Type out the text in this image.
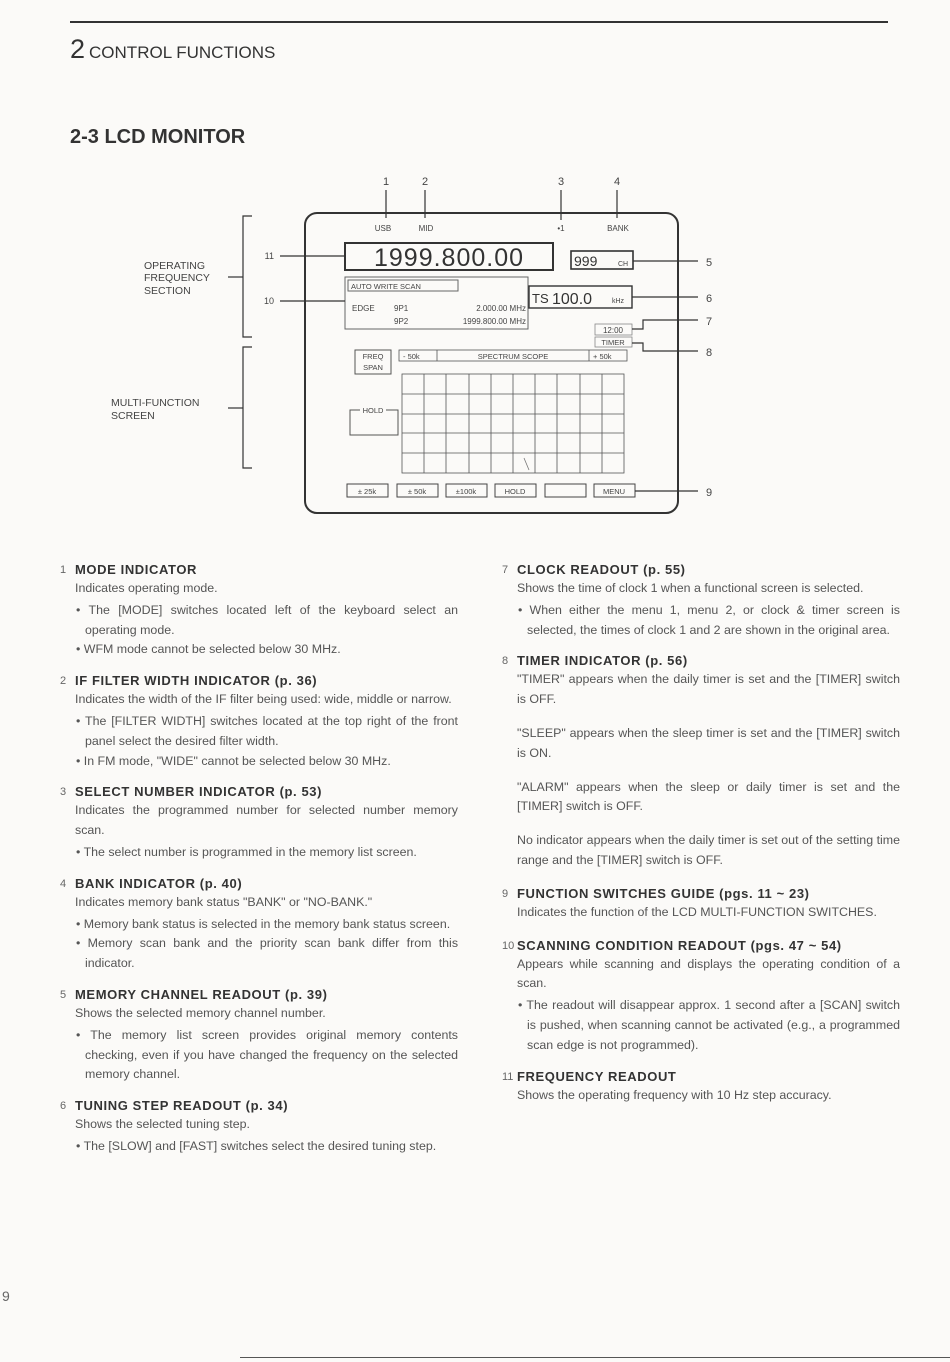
2 CONTROL FUNCTIONS
2-3 LCD MONITOR
1	2	3	4
USB	MID	•1	BANK
1999.800.00	999	CH
AUTO WRITE SCAN
EDGE 9P1	2.000.00 MHz
9P2	1999.800.00 MHz
TS 100.0	kHz
12:00
TIMER
FREQ
SPAN
- 50k	SPECTRUM SCOPE	+ 50k
HOLD
± 25k	± 50k	±100k	HOLD	MENU
5
6
7
8
9
10
11
OPERATING
FREQUENCY
SECTION
MULTI-FUNCTION
SCREEN
1 MODE INDICATOR

Indicates operating mode.

• The [MODE] switches located left of the keyboard select an operating mode.
• WFM mode cannot be selected below 30 MHz.
2 IF FILTER WIDTH INDICATOR (p. 36)

Indicates the width of the IF filter being used: wide, middle or narrow.

• The [FILTER WIDTH] switches located at the top right of the front panel select the desired filter width.
• In FM mode, "WIDE" cannot be selected below 30 MHz.
3 SELECT NUMBER INDICATOR (p. 53)

Indicates the programmed number for selected number memory scan.

• The select number is programmed in the memory list screen.
4 BANK INDICATOR (p. 40)

Indicates memory bank status "BANK" or "NO-BANK."

• Memory bank status is selected in the memory bank status screen.
• Memory scan bank and the priority scan bank differ from this indicator.
5 MEMORY CHANNEL READOUT (p. 39)

Shows the selected memory channel number.

• The memory list screen provides original memory contents checking, even if you have changed the frequency on the selected memory channel.
6 TUNING STEP READOUT (p. 34)

Shows the selected tuning step.

• The [SLOW] and [FAST] switches select the desired tuning step.
7 CLOCK READOUT (p. 55)

Shows the time of clock 1 when a functional screen is selected.

• When either the menu 1, menu 2, or clock & timer screen is selected, the times of clock 1 and 2 are shown in the original area.
8 TIMER INDICATOR (p. 56)

"TIMER" appears when the daily timer is set and the [TIMER] switch is OFF.

"SLEEP" appears when the sleep timer is set and the [TIMER] switch is ON.

"ALARM" appears when the sleep or daily timer is set and the [TIMER] switch is OFF.

No indicator appears when the daily timer is set out of the setting time range and the [TIMER] switch is OFF.

9 FUNCTION SWITCHES GUIDE (pgs. 11 ~ 23)

Indicates the function of the LCD MULTI-FUNCTION SWITCHES.

10 SCANNING CONDITION READOUT (pgs. 47 ~ 54)

Appears while scanning and displays the operating condition of a scan.

• The readout will disappear approx. 1 second after a [SCAN] switch is pushed, when scanning cannot be activated (e.g., a programmed scan edge is not programmed).
11 FREQUENCY READOUT

Shows the operating frequency with 10 Hz step accuracy.

9
